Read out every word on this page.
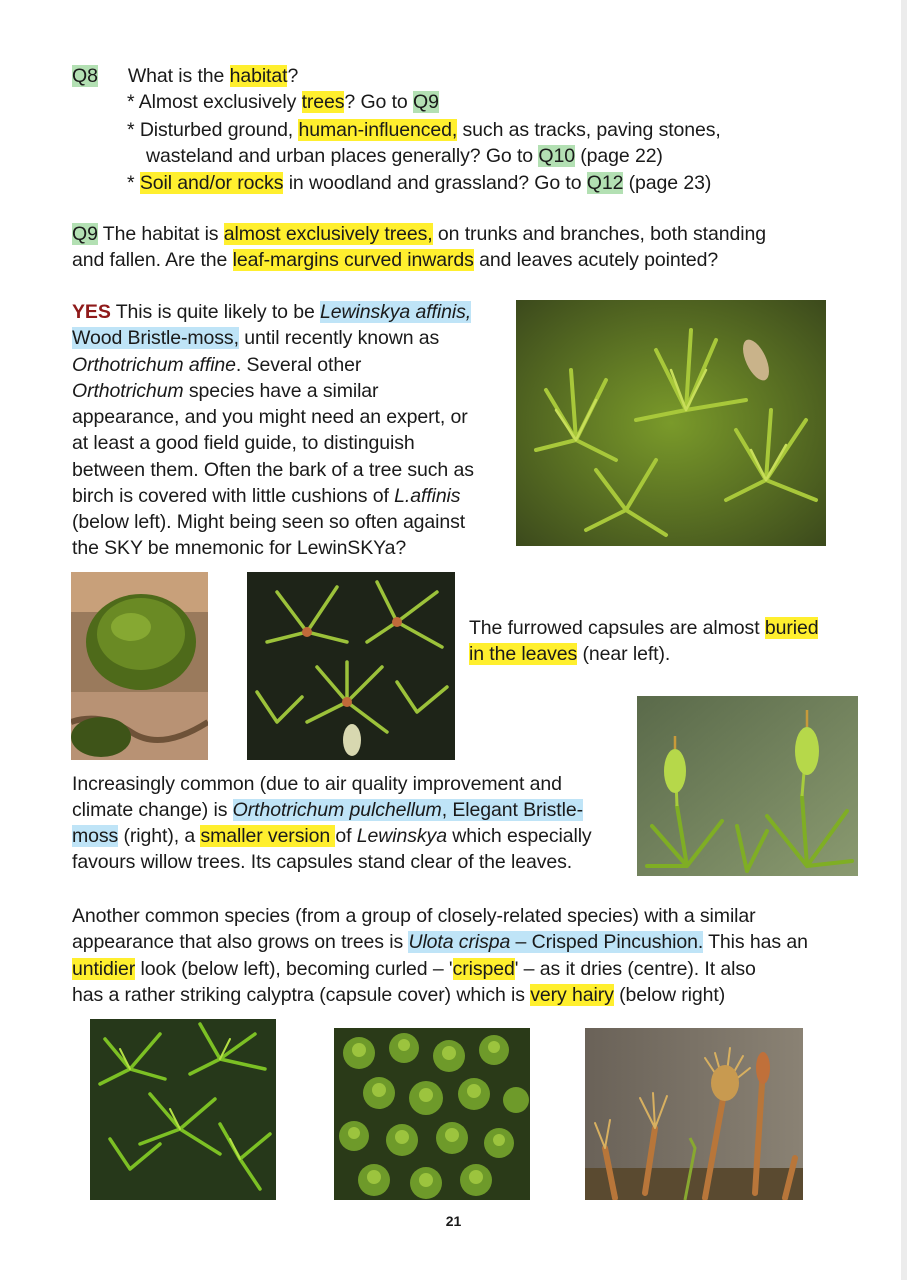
Q8 What is the habitat?
* Almost exclusively trees? Go to Q9
* Disturbed ground, human-influenced, such as tracks, paving stones,
wasteland and urban places generally? Go to Q10 (page 22)
* Soil and/or rocks in woodland and grassland? Go to Q12 (page 23)
Q9 The habitat is almost exclusively trees, on trunks and branches, both standing
and fallen. Are the leaf-margins curved inwards and leaves acutely pointed?
YES This is quite likely to be Lewinskya affinis,
Wood Bristle-moss, until recently known as
Orthotrichum affine. Several other
Orthotrichum species have a similar
appearance, and you might need an expert, or
at least a good field guide, to distinguish
between them. Often the bark of a tree such as
birch is covered with little cushions of L.affinis
(below left). Might being seen so often against
the SKY be mnemonic for LewinSKYa?
The furrowed capsules are almost buried
in the leaves (near left).
Increasingly common (due to air quality improvement and
climate change) is Orthotrichum pulchellum, Elegant Bristle-
moss (right), a smaller version of Lewinskya which especially
favours willow trees. Its capsules stand clear of the leaves.
Another common species (from a group of closely-related species) with a similar
appearance that also grows on trees is Ulota crispa – Crisped Pincushion. This has an
untidier look (below left), becoming curled – 'crisped' – as it dries (centre). It also
has a rather striking calyptra (capsule cover) which is very hairy (below right)
21
